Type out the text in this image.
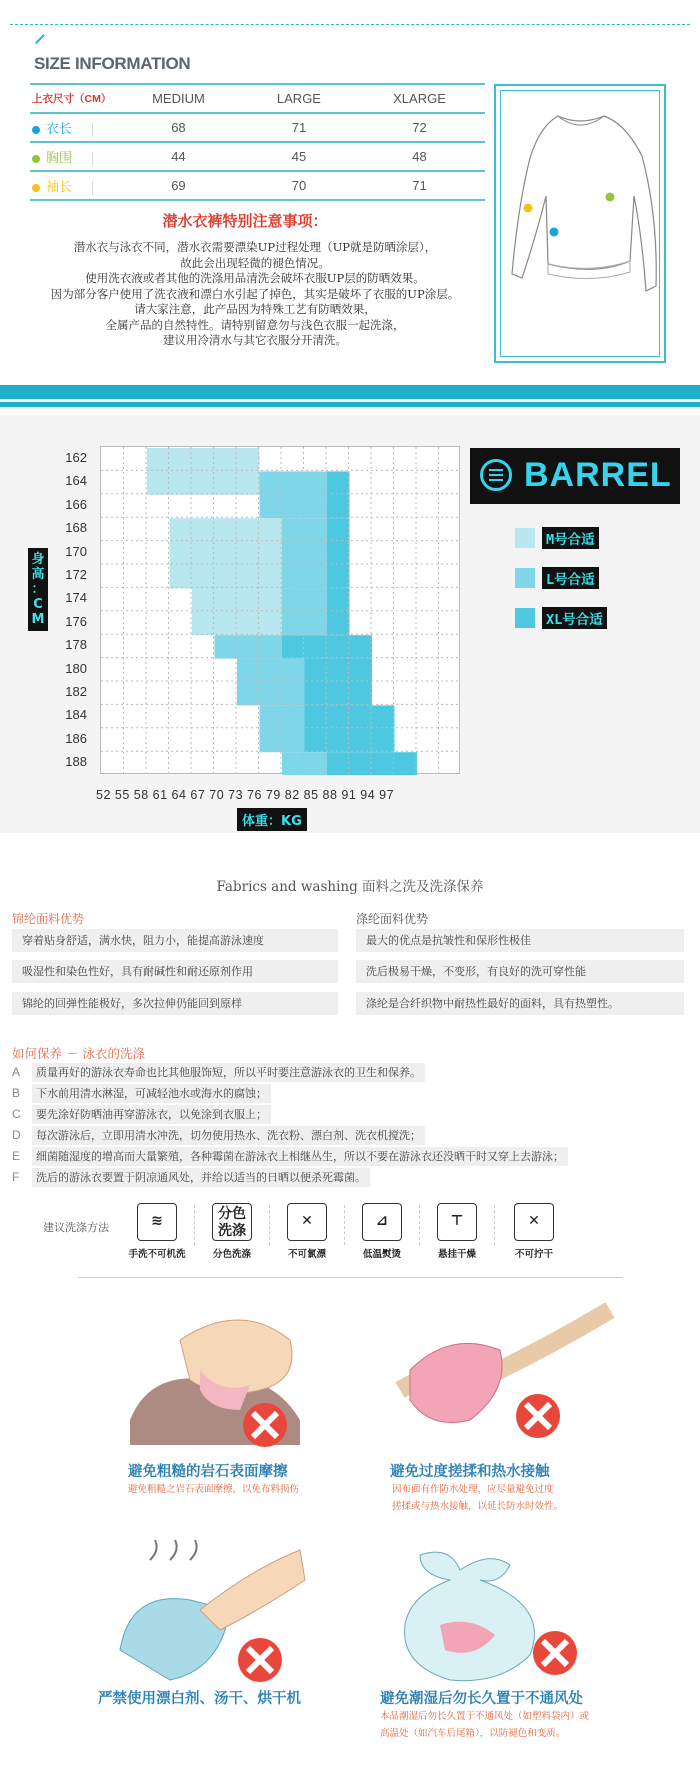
SIZE INFORMATION
上衣尺寸（CM）	MEDIUM	LARGE	XLARGE
衣长	68	71	72
胸围	44	45	48
袖长	69	70	71
潜水衣裤特别注意事项：
潜水衣与泳衣不同，潜水衣需要漂染UP过程处理（UP就是防晒涂层），
故此会出现轻微的褪色情况。
使用洗衣液或者其他的洗涤用品清洗会破坏衣服UP层的防晒效果。
因为部分客户使用了洗衣液和漂白水引起了掉色，其实是破坏了衣服的UP涂层。
请大家注意，此产品因为特殊工艺有防晒效果，
全属产品的自然特性。请特别留意勿与浅色衣服一起洗涤，
建议用冷清水与其它衣服分开清洗。
162
164
166
168
170
172
174
176
178
180
182
184
186
188
52 55 58 61 64 67 70 73 76 79 82 85 88 91 94 97
身
高
：
C
M
体重：KG
BARREL
M号合适
L号合适
XL号合适
Fabrics and washing 面料之洗及洗涤保养
锦纶面料优势	涤纶面料优势
穿着贴身舒适，满水快，阻力小，能提高游泳速度
吸湿性和染色性好，具有耐碱性和耐还原剂作用
锦纶的回弹性能极好，多次拉伸仍能回到原样
最大的优点是抗皱性和保形性极佳
洗后极易干燥，不变形，有良好的洗可穿性能
涤纶是合纤织物中耐热性最好的面料，具有热塑性。
如何保养 － 泳衣的洗涤
A 质量再好的游泳衣寿命也比其他服饰短，所以平时要注意游泳衣的卫生和保养。
B 下水前用清水淋湿，可减轻池水或海水的腐蚀；
C 要先涂好防晒油再穿游泳衣，以免涂到衣服上；
D 每次游泳后，立即用清水冲洗，切勿使用热水、洗衣粉、漂白剂、洗衣机搅洗；
E 细菌随湿度的增高而大量繁殖，各种霉菌在游泳衣上相继丛生，所以不要在游泳衣还没晒干时又穿上去游泳；
F 洗后的游泳衣要置于阴凉通风处，并给以适当的日晒以便杀死霉菌。
建议洗涤方法	≋
手洗不可机洗
分色
洗涤
分色洗涤
✕
不可氯漂
⊿
低温熨烫
⊤
悬挂干燥
✕
不可拧干
避免粗糙的岩石表面摩擦
避免粗糙之岩石表面摩擦，以免布料损伤
避免过度搓揉和热水接触
因布面有作防水处理，应尽量避免过度
搓揉或与热水接触，以延长防水时效性。
严禁使用漂白剂、汤干、烘干机	避免潮湿后勿长久置于不通风处
本品潮湿后勿长久置于不通风处（如塑料袋内）或
高温处（如汽车后尾箱），以防褪色和变质。
